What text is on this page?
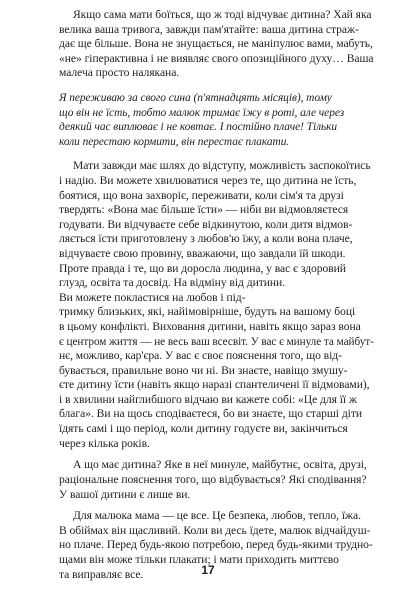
Якщо сама мати боїться, що ж тоді відчуває дитина? Хай яка
велика ваша тривога, завжди пам'ятайте: ваша дитина страж-
дає ще більше. Вона не знущається, не маніпулює вами, мабуть,
«не» гіперактивна і не виявляє свого опозиційного духу… Ваша
малеча просто налякана.

Я переживаю за свого сина (п'ятнадцять місяців), тому
що він не їсть, тобто малюк тримає їжу в роті, але через
деякий час виплюває і не ковтає. І постійно плаче! Тільки
коли перестаю кормити, він перестає плакати.

Мати завжди має шлях до відступу, можливість заспокоїтись
і надію. Ви можете хвилюватися через те, що дитина не їсть,
боятися, що вона захворіє, переживати, коли сім'я та друзі
твердять: «Вона має більше їсти» — ніби ви відмовляєтеся
годувати. Ви відчуваєте себе відкинутою, коли дитя відмов-
ляється їсти приготовлену з любов'ю їжу, а коли вона плаче,
відчуваєте свою провину, вважаючи, що завдали їй шкоди.
Проте правда і те, що ви доросла людина, у вас є здоровий
глузд, освіта та досвід. На відміну від дитини.
Ви можете покластися на любов і під-
тримку близьких, які, найімовірніше, будуть на вашому боці
в цьому конфлікті. Виховання дитини, навіть якщо зараз вона
є центром життя — не весь ваш всесвіт. У вас є минуле та майбут-
нє, можливо, кар'єра. У вас є своє пояснення того, що від-
бувається, правильне воно чи ні. Ви знаєте, навіщо змушу-
єте дитину їсти (навіть якщо наразі спантеличені її відмовами),
і в хвилини найглибшого відчаю ви кажете собі: «Це для її ж
блага». Ви на щось сподіваєтеся, бо ви знаєте, що старші діти
їдять самі і що період, коли дитину годуєте ви, закінчиться
через кілька років.

А що має дитина? Яке в неї минуле, майбутнє, освіта, друзі,
раціональне пояснення того, що відбувається? Які сподівання?
У вашої дитини є лише ви.

Для малюка мама — це все. Це безпека, любов, тепло, їжа.
В обіймах він щасливий. Коли ви десь їдете, малюк відчайдуш-
но плаче. Перед будь-якою потребою, перед будь-якими трудно-
щами він може тільки плакати; і мати приходить миттєво
та виправляє все.	17
